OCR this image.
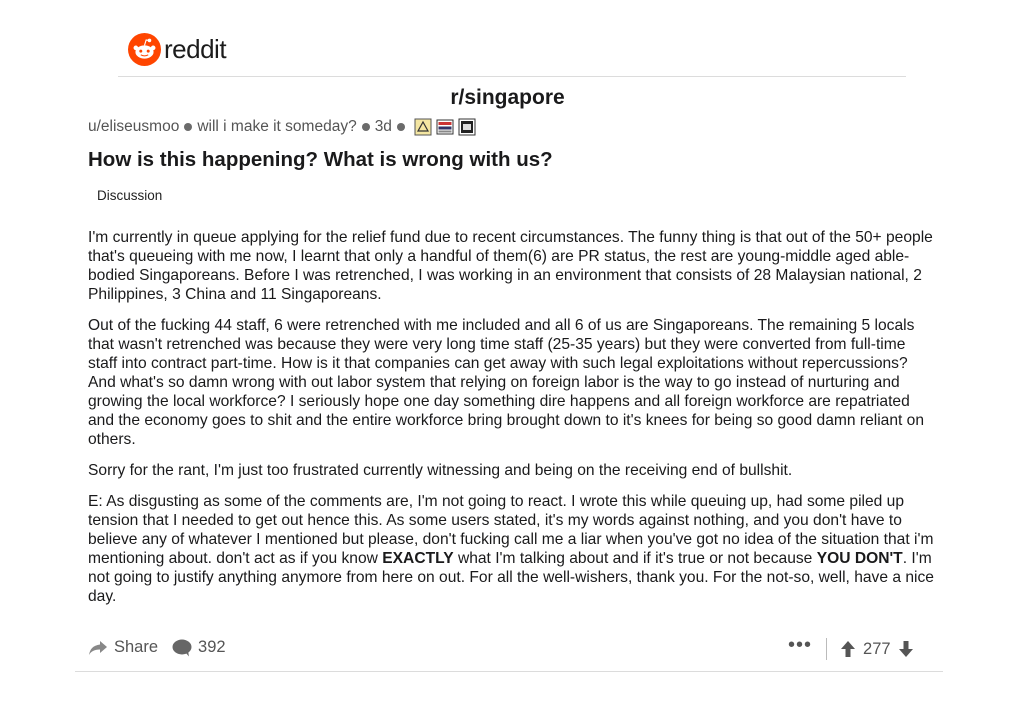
reddit
r/singapore
u/eliseusmoo will i make it someday? 3d
How is this happening? What is wrong with us?
Discussion

I'm currently in queue applying for the relief fund due to recent circumstances. The funny thing is that out of the 50+ people that's queueing with me now, I learnt that only a handful of them(6) are PR status, the rest are young-middle aged able-bodied Singaporeans. Before I was retrenched, I was working in an environment that consists of 28 Malaysian national, 2 Philippines, 3 China and 11 Singaporeans.

Out of the fucking 44 staff, 6 were retrenched with me included and all 6 of us are Singaporeans. The remaining 5 locals that wasn't retrenched was because they were very long time staff (25-35 years) but they were converted from full-time staff into contract part-time. How is it that companies can get away with such legal exploitations without repercussions? And what's so damn wrong with out labor system that relying on foreign labor is the way to go instead of nurturing and growing the local workforce? I seriously hope one day something dire happens and all foreign workforce are repatriated and the economy goes to shit and the entire workforce bring brought down to it's knees for being so good damn reliant on others.

Sorry for the rant, I'm just too frustrated currently witnessing and being on the receiving end of bullshit.

E: As disgusting as some of the comments are, I'm not going to react. I wrote this while queuing up, had some piled up tension that I needed to get out hence this. As some users stated, it's my words against nothing, and you don't have to believe any of whatever I mentioned but please, don't fucking call me a liar when you've got no idea of the situation that i'm mentioning about. don't act as if you know EXACTLY what I'm talking about and if it's true or not because YOU DON'T. I'm not going to justify anything anymore from here on out. For all the well-wishers, thank you. For the not-so, well, have a nice day.

Share 392	•••	277
